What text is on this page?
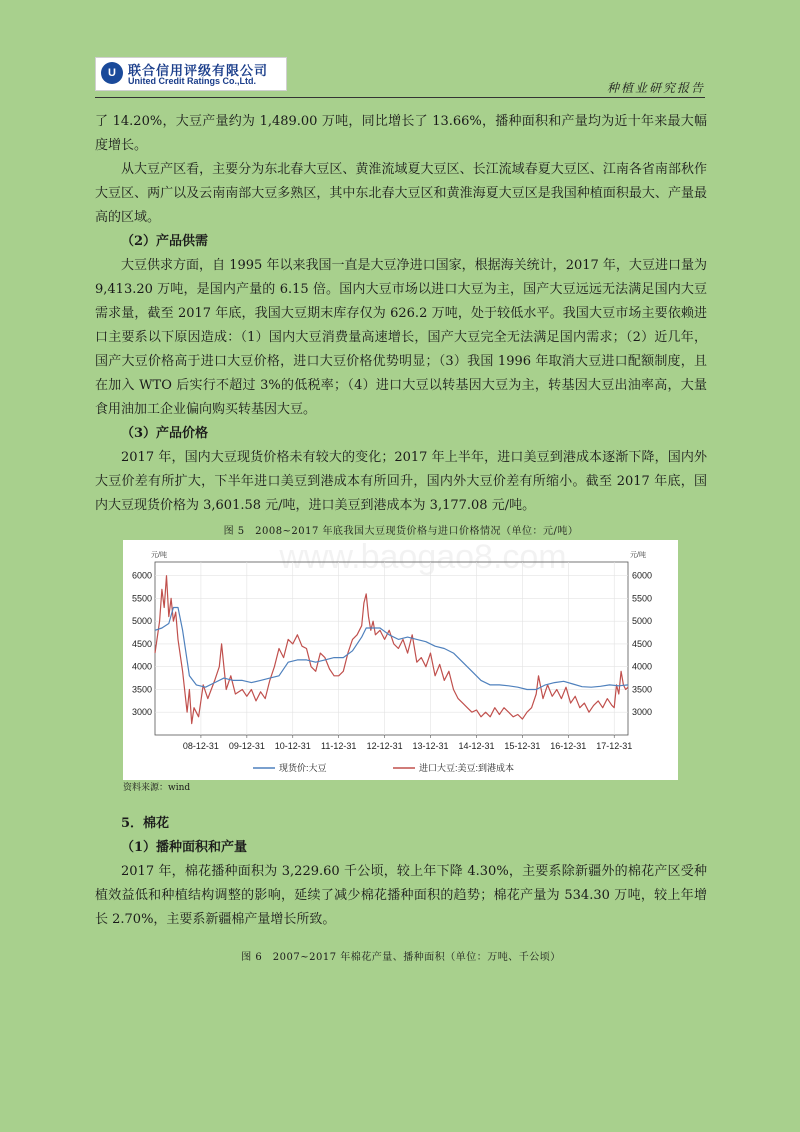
U 联合信用评级有限公司
United Credit Ratings Co.,Ltd.	种植业研究报告

了 14.20%，大豆产量约为 1,489.00 万吨，同比增长了 13.66%，播种面积和产量均为近十年来最大幅度增长。

从大豆产区看，主要分为东北春大豆区、黄淮流域夏大豆区、长江流域春夏大豆区、江南各省南部秋作大豆区、两广以及云南南部大豆多熟区，其中东北春大豆区和黄淮海夏大豆区是我国种植面积最大、产量最高的区域。

（2）产品供需

大豆供求方面，自 1995 年以来我国一直是大豆净进口国家，根据海关统计，2017 年，大豆进口量为 9,413.20 万吨，是国内产量的 6.15 倍。国内大豆市场以进口大豆为主，国产大豆远远无法满足国内大豆需求量，截至 2017 年底，我国大豆期末库存仅为 626.2 万吨，处于较低水平。我国大豆市场主要依赖进口主要系以下原因造成：（1）国内大豆消费量高速增长，国产大豆完全无法满足国内需求；（2）近几年，国产大豆价格高于进口大豆价格，进口大豆价格优势明显；（3）我国 1996 年取消大豆进口配额制度，且在加入 WTO 后实行不超过 3%的低税率；（4）进口大豆以转基因大豆为主，转基因大豆出油率高，大量食用油加工企业偏向购买转基因大豆。

（3）产品价格

2017 年，国内大豆现货价格未有较大的变化；2017 年上半年，进口美豆到港成本逐渐下降，国内外大豆价差有所扩大，下半年进口美豆到港成本有所回升，国内外大豆价差有所缩小。截至 2017 年底，国内大豆现货价格为 3,601.58 元/吨，进口美豆到港成本为 3,177.08 元/吨。

图 5　2008~2017 年底我国大豆现货价格与进口价格情况（单位：元/吨）
www.baogao8.com
元/吨	元/吨
3000	3000
3500	3500
4000	4000
4500	4500
5000	5000
5500	5500
6000	6000
08-12-31 09-12-31 10-12-31 11-12-31 12-12-31 13-12-31 14-12-31 15-12-31 16-12-31 17-12-31
现货价:大豆	进口大豆:美豆:到港成本
资料来源：wind

5．棉花

（1）播种面积和产量

2017 年，棉花播种面积为 3,229.60 千公顷，较上年下降 4.30%，主要系除新疆外的棉花产区受种植效益低和种植结构调整的影响，延续了减少棉花播种面积的趋势；棉花产量为 534.30 万吨，较上年增长 2.70%，主要系新疆棉产量增长所致。

图 6　2007~2017 年棉花产量、播种面积（单位：万吨、千公顷）
